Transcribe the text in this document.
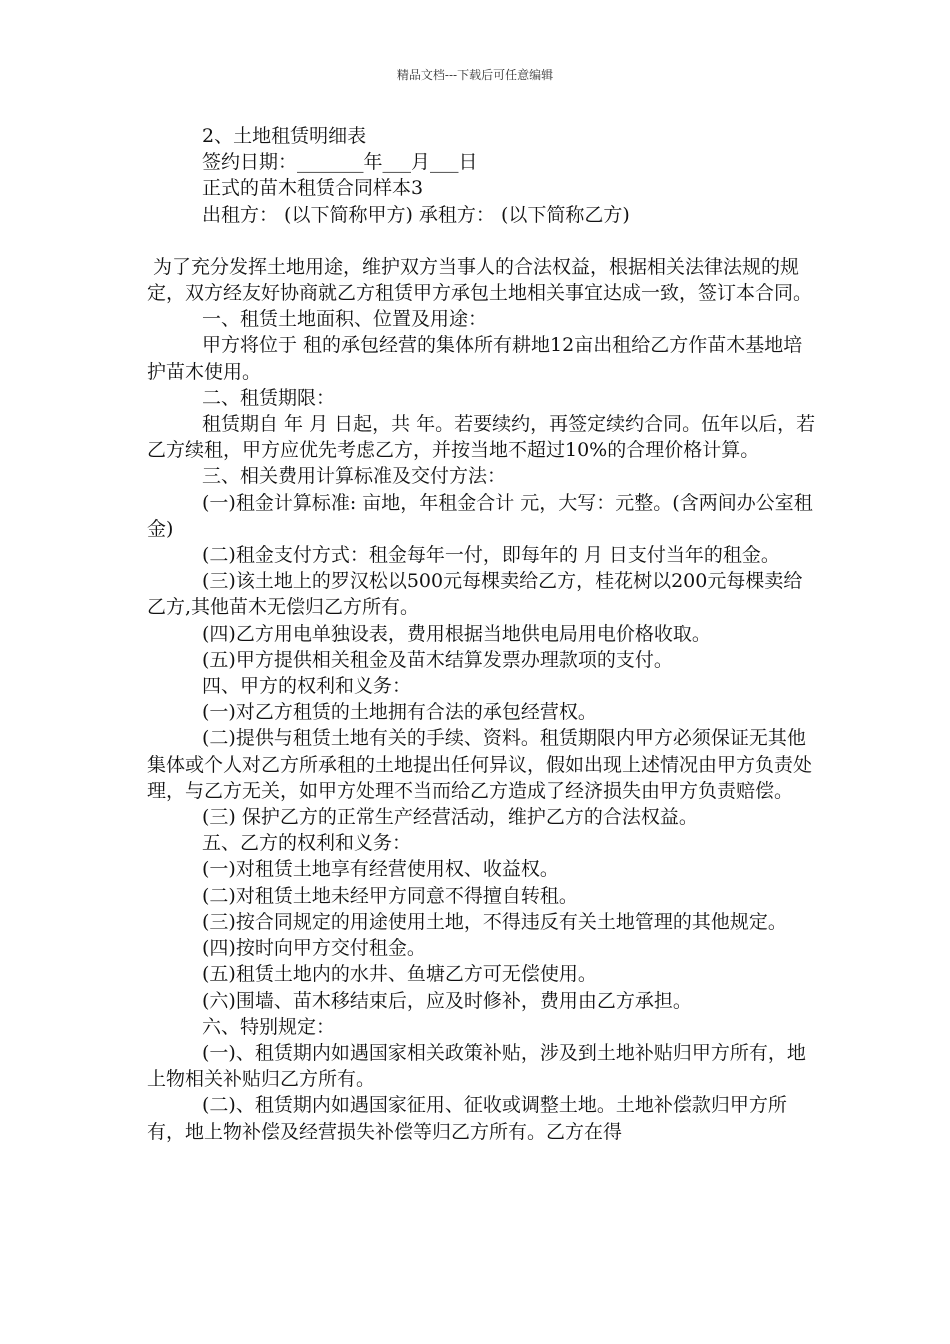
精品文档---下载后可任意编辑

2、土地租赁明细表

签约日期：_______年___月___日

正式的苗木租赁合同样本3

出租方： (以下简称甲方) 承租方： (以下简称乙方)

为了充分发挥土地用途，维护双方当事人的合法权益，根据相关法律法规的规定，双方经友好协商就乙方租赁甲方承包土地相关事宜达成一致，签订本合同。

一、租赁土地面积、位置及用途：

甲方将位于 租的承包经营的集体所有耕地12亩出租给乙方作苗木基地培护苗木使用。

二、租赁期限：

租赁期自 年 月 日起，共 年。若要续约，再签定续约合同。伍年以后，若乙方续租，甲方应优先考虑乙方，并按当地不超过10%的合理价格计算。

三、相关费用计算标准及交付方法：

(一)租金计算标准: 亩地，年租金合计 元，大写：元整。(含两间办公室租金)

(二)租金支付方式：租金每年一付，即每年的 月 日支付当年的租金。

(三)该土地上的罗汉松以500元每棵卖给乙方，桂花树以200元每棵卖给乙方,其他苗木无偿归乙方所有。

(四)乙方用电单独设表，费用根据当地供电局用电价格收取。

(五)甲方提供相关租金及苗木结算发票办理款项的支付。

四、甲方的权利和义务：

(一)对乙方租赁的土地拥有合法的承包经营权。

(二)提供与租赁土地有关的手续、资料。租赁期限内甲方必须保证无其他集体或个人对乙方所承租的土地提出任何异议，假如出现上述情况由甲方负责处理，与乙方无关，如甲方处理不当而给乙方造成了经济损失由甲方负责赔偿。

(三) 保护乙方的正常生产经营活动，维护乙方的合法权益。

五、乙方的权利和义务：

(一)对租赁土地享有经营使用权、收益权。

(二)对租赁土地未经甲方同意不得擅自转租。

(三)按合同规定的用途使用土地，不得违反有关土地管理的其他规定。

(四)按时向甲方交付租金。

(五)租赁土地内的水井、鱼塘乙方可无偿使用。

(六)围墙、苗木移结束后，应及时修补，费用由乙方承担。

六、特别规定：

(一)、租赁期内如遇国家相关政策补贴，涉及到土地补贴归甲方所有，地上物相关补贴归乙方所有。

(二)、租赁期内如遇国家征用、征收或调整土地。土地补偿款归甲方所有，地上物补偿及经营损失补偿等归乙方所有。乙方在得
